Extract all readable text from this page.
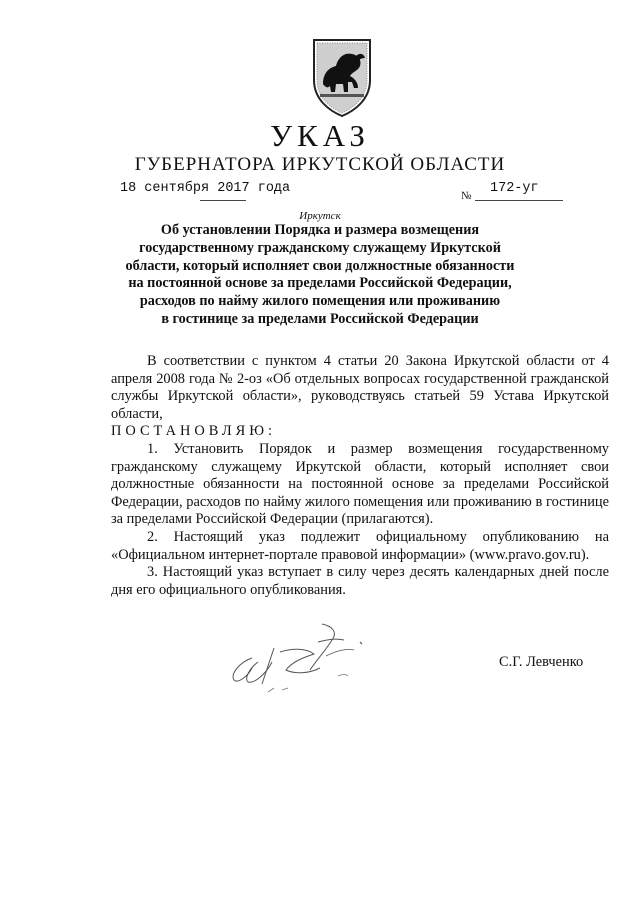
УКАЗ
ГУБЕРНАТОРА ИРКУТСКОЙ ОБЛАСТИ
18 сентября 2017 года	№ 172-уг
Иркутск
Об установлении Порядка и размера возмещения
государственному гражданскому служащему Иркутской
области, который исполняет свои должностные обязанности
на постоянной основе за пределами Российской Федерации,
расходов по найму жилого помещения или проживанию
в гостинице за пределами Российской Федерации

В соответствии с пунктом 4 статьи 20 Закона Иркутской области от 4 апреля 2008 года № 2-оз «Об отдельных вопросах государственной гражданской службы Иркутской области», руководствуясь статьей 59 Устава Иркутской области,

ПОСТАНОВЛЯЮ:

1. Установить Порядок и размер возмещения государственному гражданскому служащему Иркутской области, который исполняет свои должностные обязанности на постоянной основе за пределами Российской Федерации, расходов по найму жилого помещения или проживанию в гостинице за пределами Российской Федерации (прилагаются).

2. Настоящий указ подлежит официальному опубликованию на «Официальном интернет-портале правовой информации» (www.pravo.gov.ru).

3. Настоящий указ вступает в силу через десять календарных дней после дня его официального опубликования.

С.Г. Левченко
